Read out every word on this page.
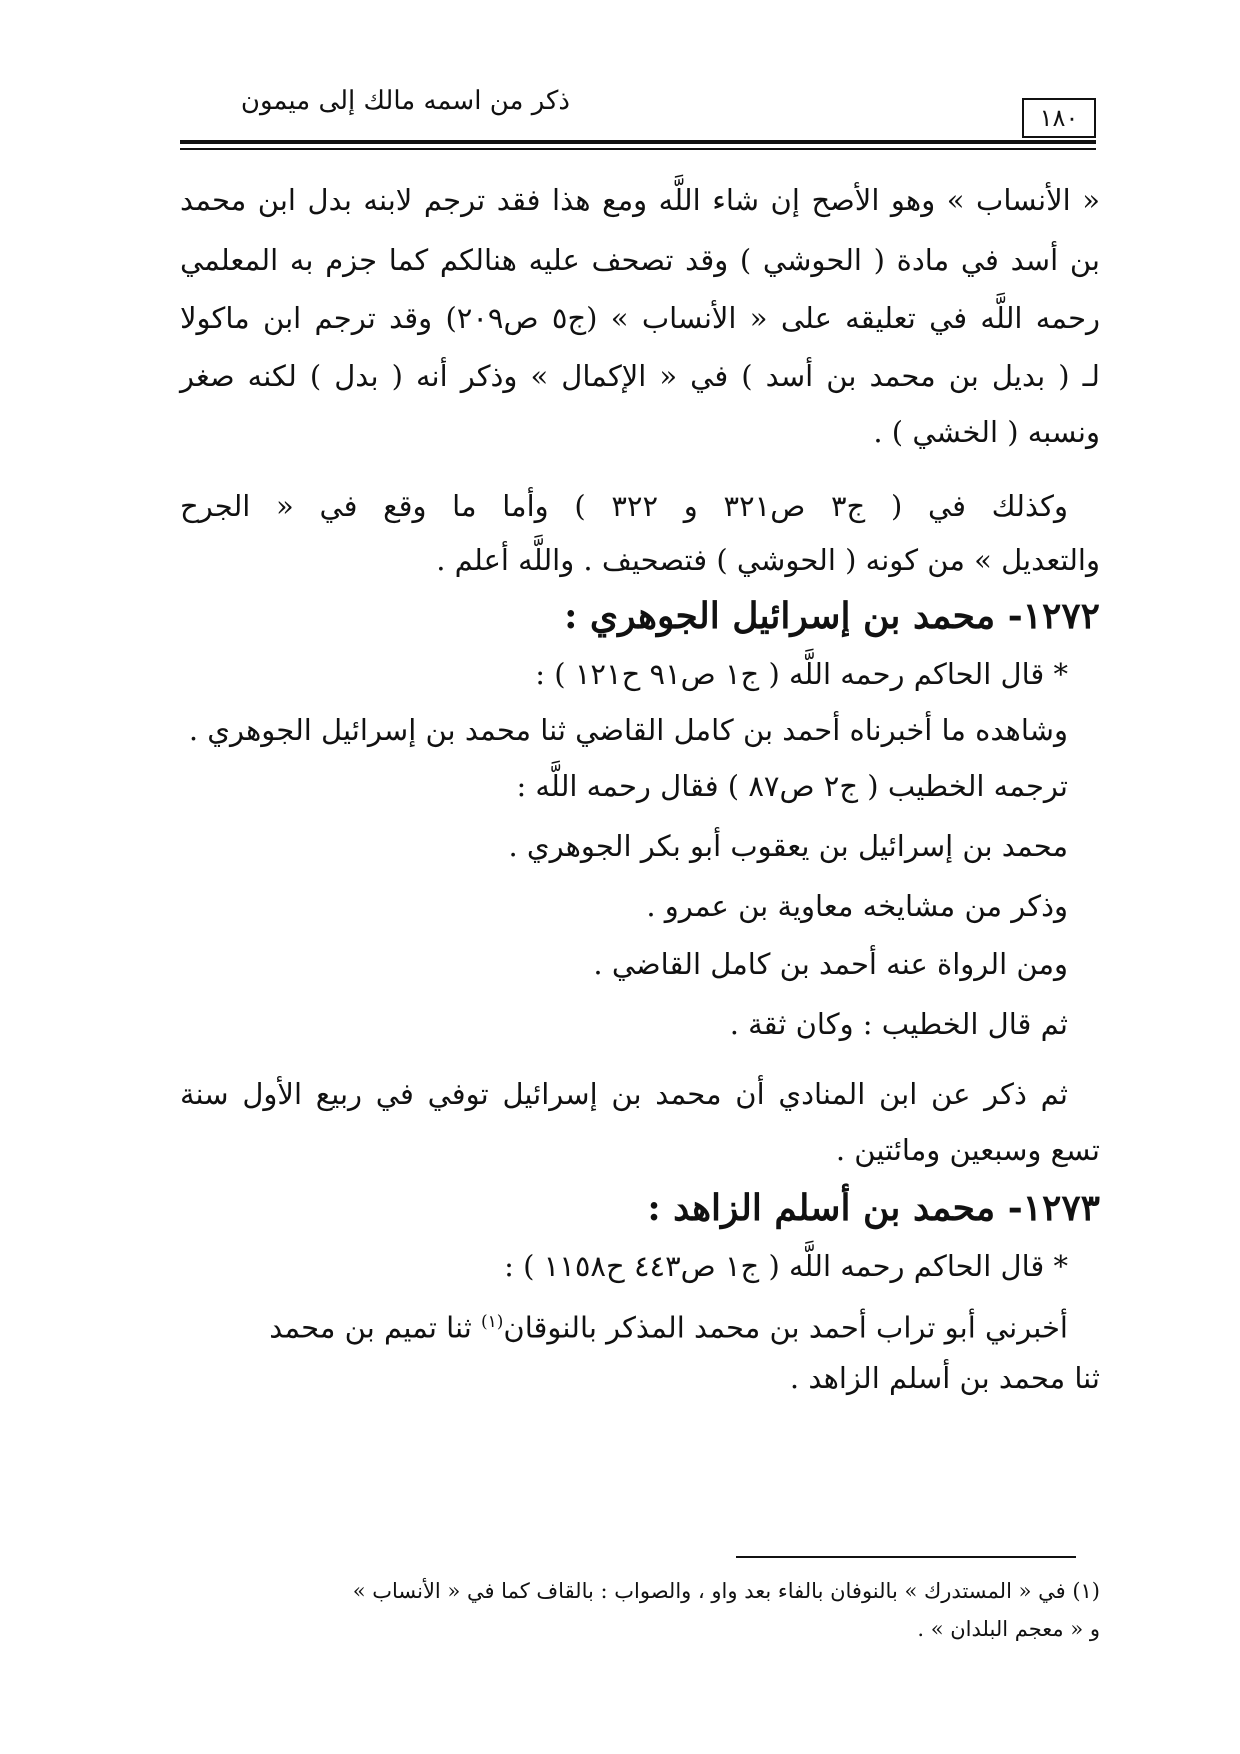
ذكر من اسمه مالك إلى ميمون
١٨٠
« الأنساب » وهو الأصح إن شاء اللَّه ومع هذا فقد ترجم لابنه بدل ابن محمد
بن أسد في مادة ( الحوشي ) وقد تصحف عليه هنالكم كما جزم به المعلمي
رحمه اللَّه في تعليقه على « الأنساب » (ج٥ ص٢٠٩) وقد ترجم ابن ماكولا
لـ ( بديل بن محمد بن أسد ) في « الإكمال » وذكر أنه ( بدل ) لكنه صغر
ونسبه ( الخشي ) .
وكذلك في ( ج٣ ص٣٢١ و ٣٢٢ ) وأما ما وقع في « الجرح
والتعديل » من كونه ( الحوشي ) فتصحيف . واللَّه أعلم .
١٢٧٢- محمد بن إسرائيل الجوهري :
* قال الحاكم رحمه اللَّه ( ج١ ص٩١ ح١٢١ ) :
وشاهده ما أخبرناه أحمد بن كامل القاضي ثنا محمد بن إسرائيل الجوهري .
ترجمه الخطيب ( ج٢ ص٨٧ ) فقال رحمه اللَّه :
محمد بن إسرائيل بن يعقوب أبو بكر الجوهري .
وذكر من مشايخه معاوية بن عمرو .
ومن الرواة عنه أحمد بن كامل القاضي .
ثم قال الخطيب : وكان ثقة .
ثم ذكر عن ابن المنادي أن محمد بن إسرائيل توفي في ربيع الأول سنة
تسع وسبعين ومائتين .
١٢٧٣- محمد بن أسلم الزاهد :
* قال الحاكم رحمه اللَّه ( ج١ ص٤٤٣ ح١١٥٨ ) :
أخبرني أبو تراب أحمد بن محمد المذكر بالنوقان$^{(١)}$ ثنا تميم بن محمد
ثنا محمد بن أسلم الزاهد .
(١) في « المستدرك » بالنوفان بالفاء بعد واو ، والصواب : بالقاف كما في « الأنساب »
و « معجم البلدان » .
